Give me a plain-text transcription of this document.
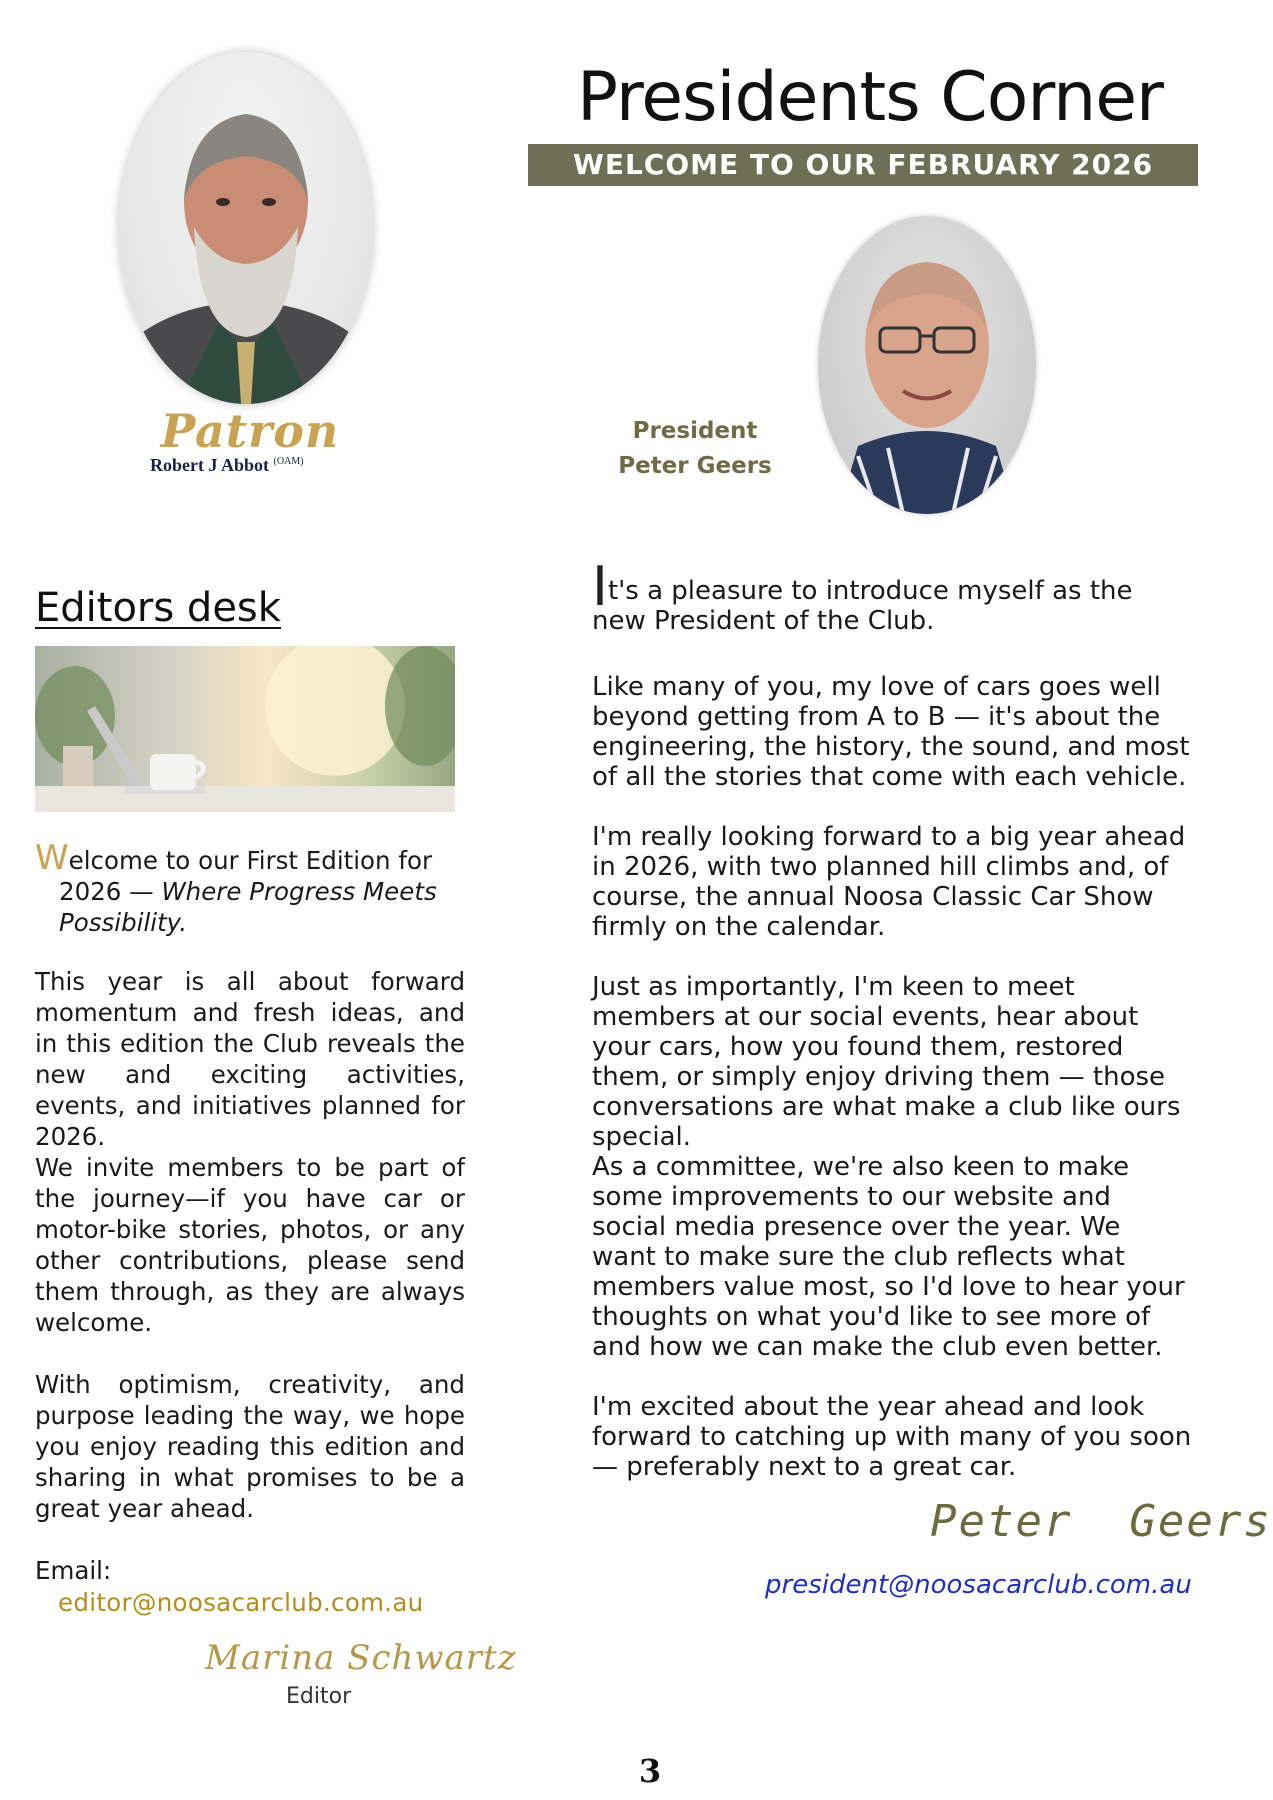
Patron
Robert J Abbot $^{(OAM)}$
Presidents Corner
WELCOME TO OUR FEBRUARY 2026 ISSUE
President
Peter Geers
Editors desk

Welcome to our First Edition for
2026 — Where Progress Meets Possibility.

This year is all about forward momentum and fresh ideas, and in this edition the Club reveals the new and exciting activities, events, and initiatives planned for 2026.
We invite members to be part of the journey—if you have car or motor-bike stories, photos, or any other contributions, please send them through, as they are always welcome.
With optimism, creativity, and purpose leading the way, we hope you enjoy reading this edition and sharing in what promises to be a great year ahead.
Email:
editor@noosacarclub.com.au
Marina Schwartz
Editor
It's a pleasure to introduce myself as the new President of the Club.
Like many of you, my love of cars goes well beyond getting from A to B — it's about the engineering, the history, the sound, and most of all the stories that come with each vehicle.
I'm really looking forward to a big year ahead in 2026, with two planned hill climbs and, of course, the annual Noosa Classic Car Show firmly on the calendar.
Just as importantly, I'm keen to meet members at our social events, hear about your cars, how you found them, restored them, or simply enjoy driving them — those conversations are what make a club like ours special.
As a committee, we're also keen to make some improvements to our website and social media presence over the year. We want to make sure the club reflects what members value most, so I'd love to hear your thoughts on what you'd like to see more of and how we can make the club even better.
I'm excited about the year ahead and look forward to catching up with many of you soon — preferably next to a great car.
Peter  Geers
president@noosacarclub.com.au
3
